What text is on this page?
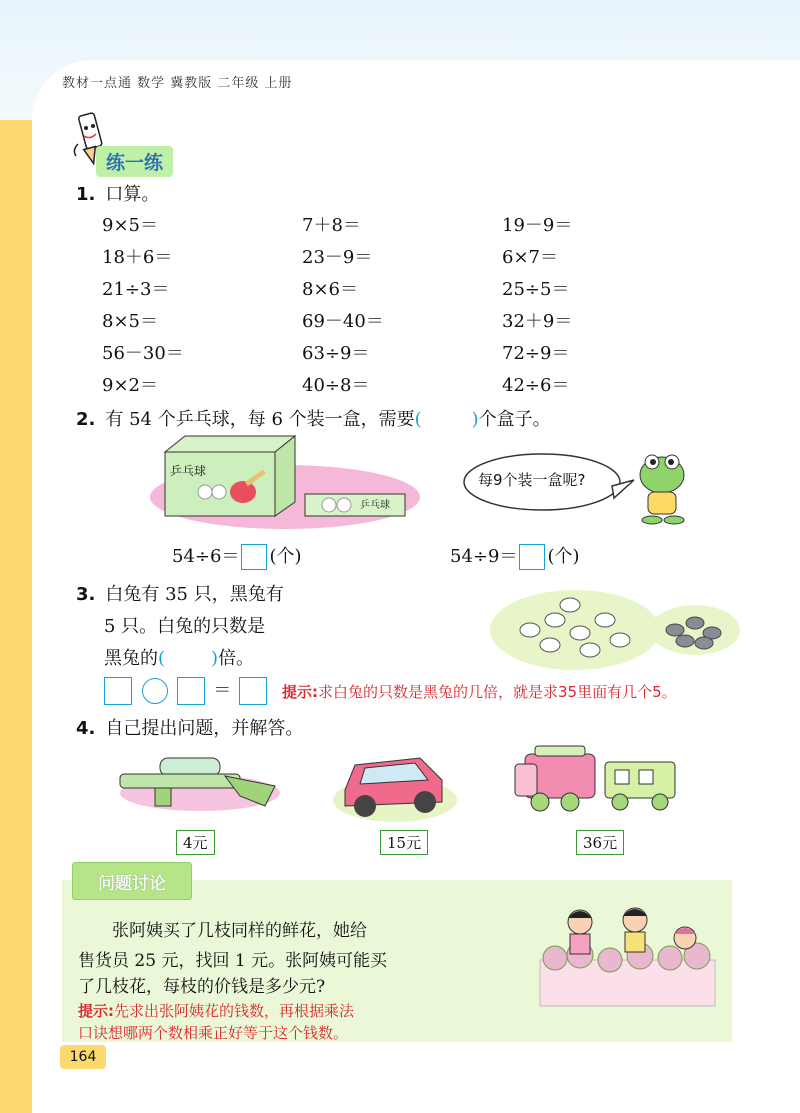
教材一点通 数学 冀教版 二年级 上册
练一练
1. 口算。
9×5＝	7＋8＝	19－9＝
18＋6＝	23－9＝	6×7＝
21÷3＝	8×6＝	25÷5＝
8×5＝	69－40＝	32＋9＝
56－30＝	63÷9＝	72÷9＝
9×2＝	40÷8＝	42÷6＝
2. 有 54 个乒乓球，每 6 个装一盒，需要(	)个盒子。
乒乓球
乒乓球
每9个装一盒呢?
54÷6＝ (个)	54÷9＝ (个)
3. 白兔有 35 只，黑兔有
5 只。白兔的只数是
黑兔的(	)倍。
＝	提示:求白兔的只数是黑兔的几倍，就是求35里面有几个5。
4. 自己提出问题，并解答。
4元	15元	36元
问题讨论
张阿姨买了几枝同样的鲜花，她给
售货员 25 元，找回 1 元。张阿姨可能买
了几枝花，每枝的价钱是多少元?
提示:先求出张阿姨花的钱数，再根据乘法
口诀想哪两个数相乘正好等于这个钱数。
164
